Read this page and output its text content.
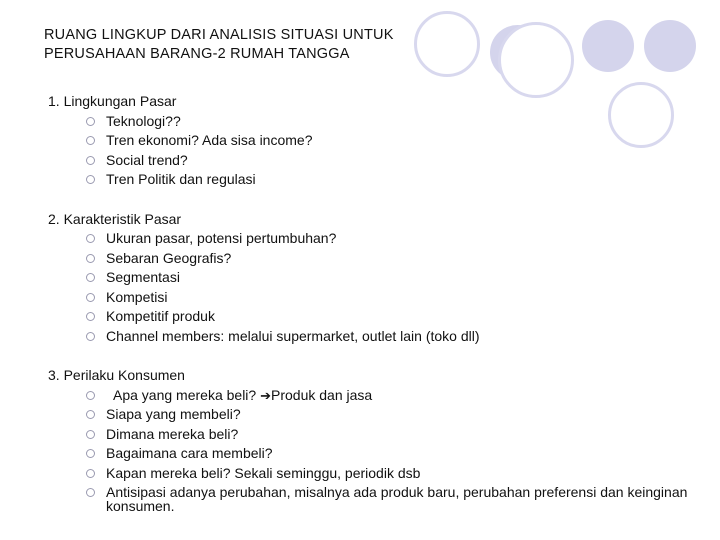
RUANG LINGKUP DARI ANALISIS SITUASI UNTUK
PERUSAHAAN BARANG-2 RUMAH TANGGA
1. Lingkungan Pasar
Teknologi??
Tren ekonomi? Ada sisa income?
Social trend?
Tren Politik dan regulasi
2. Karakteristik Pasar
Ukuran pasar, potensi pertumbuhan?
Sebaran Geografis?
Segmentasi
Kompetisi
Kompetitif produk
Channel members: melalui supermarket, outlet lain (toko dll)
3. Perilaku Konsumen
Apa yang mereka beli? ➔Produk dan jasa
Siapa yang membeli?
Dimana mereka beli?
Bagaimana cara membeli?
Kapan mereka beli? Sekali seminggu, periodik dsb
Antisipasi adanya perubahan, misalnya ada produk baru, perubahan preferensi dan keinginan konsumen.
